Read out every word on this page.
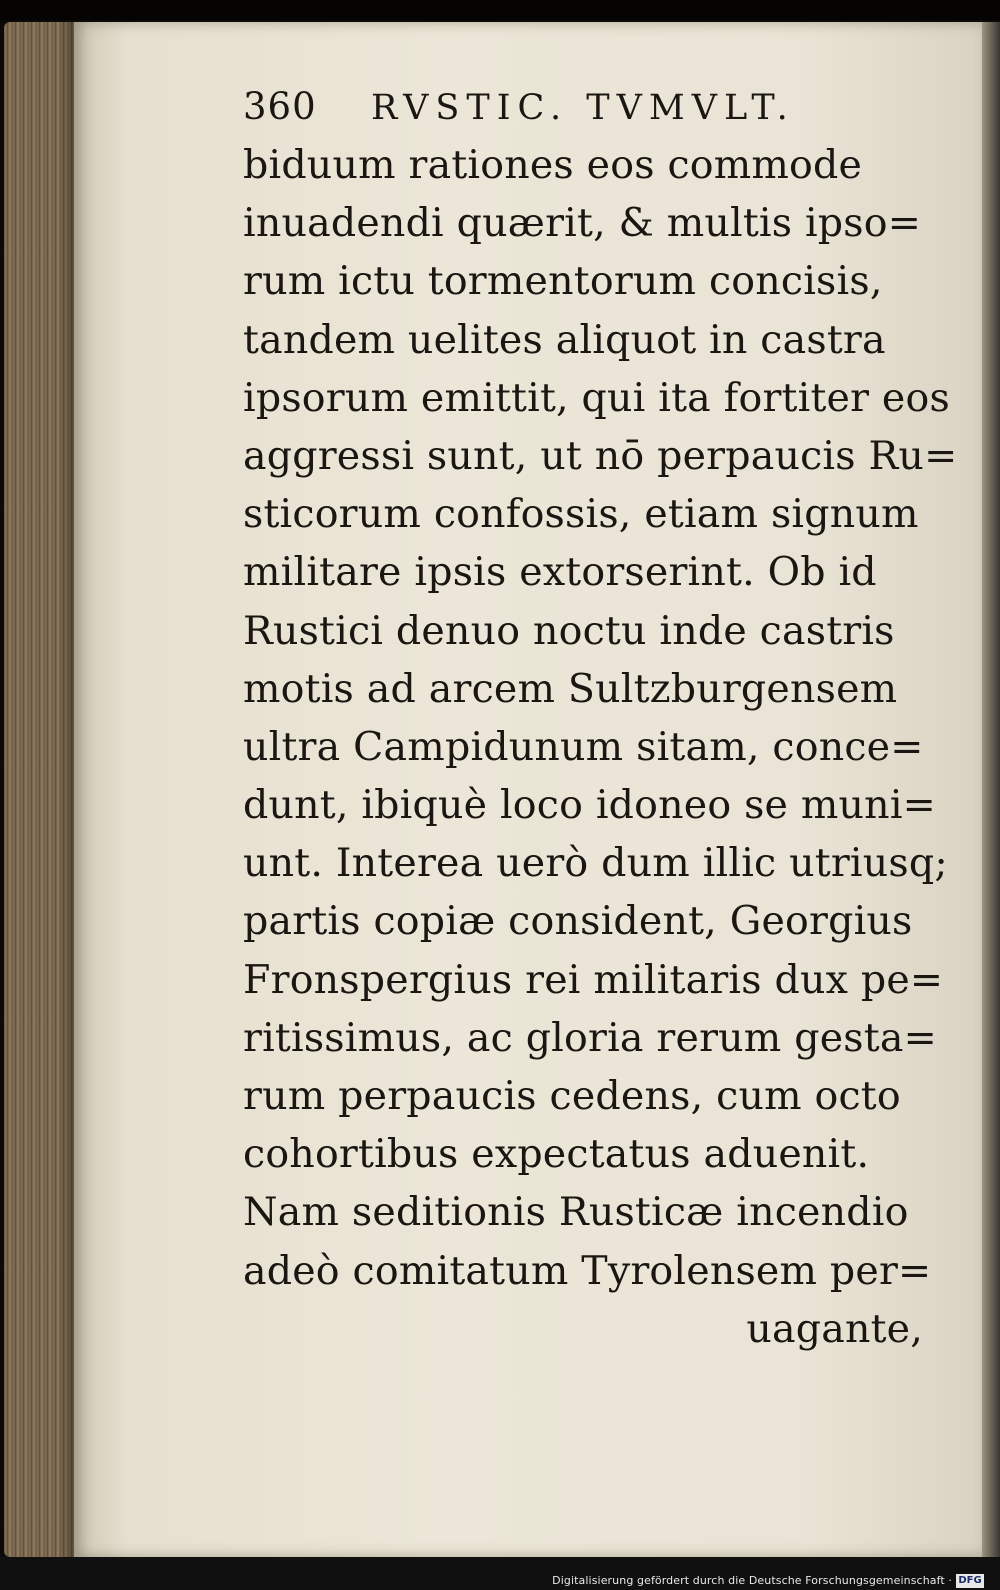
360 RVSTIC. TVMVLT.
biduum rationes eos commode
inuadendi quærit, & multis ipso=
rum ictu tormentorum concisis,
tandem uelites aliquot in castra
ipsorum emittit, qui ita fortiter eos
aggressi sunt, ut nō perpaucis Ru=
sticorum confossis, etiam signum
militare ipsis extorserint. Ob id
Rustici denuo noctu inde castris
motis ad arcem Sultzburgensem
ultra Campidunum sitam, conce=
dunt, ibiquè loco idoneo se muni=
unt. Interea uerò dum illic utriusq;
partis copiæ consident, Georgius
Fronspergius rei militaris dux pe=
ritissimus, ac gloria rerum gesta=
rum perpaucis cedens, cum octo
cohortibus expectatus aduenit.
Nam seditionis Rusticæ incendio
adeò comitatum Tyrolensem per=
uagante,
Digitalisierung gefördert durch die Deutsche Forschungsgemeinschaft · DFG
